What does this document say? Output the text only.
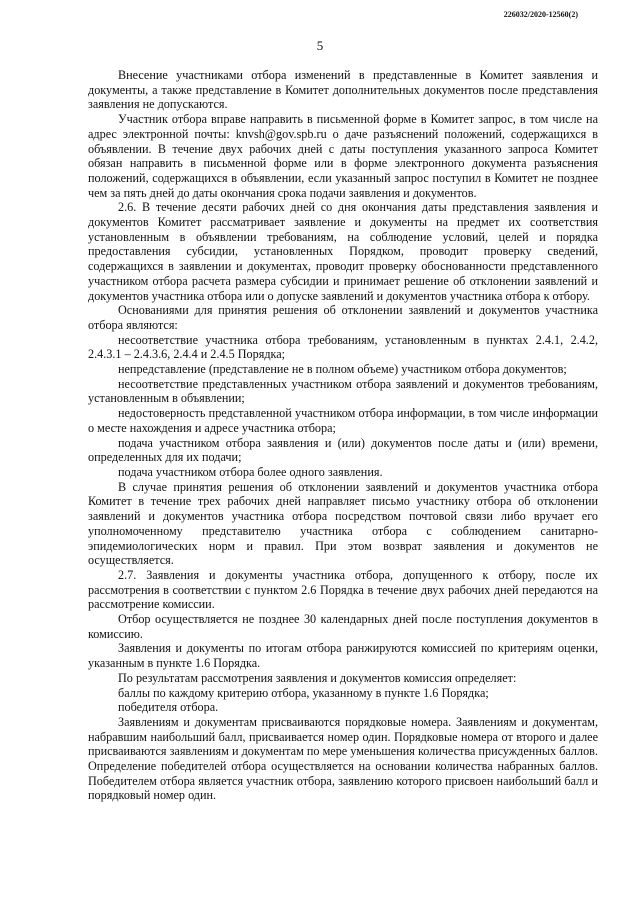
226032/2020-12560(2)
5

Внесение участниками отбора изменений в представленные в Комитет заявления и документы, а также представление в Комитет дополнительных документов после представления заявления не допускаются.

Участник отбора вправе направить в письменной форме в Комитет запрос, в том числе на адрес электронной почты: knvsh@gov.spb.ru о даче разъяснений положений, содержащихся в объявлении. В течение двух рабочих дней с даты поступления указанного запроса Комитет обязан направить в письменной форме или в форме электронного документа разъяснения положений, содержащихся в объявлении, если указанный запрос поступил в Комитет не позднее чем за пять дней до даты окончания срока подачи заявления и документов.

2.6. В течение десяти рабочих дней со дня окончания даты представления заявления и документов Комитет рассматривает заявление и документы на предмет их соответствия установленным в объявлении требованиям, на соблюдение условий, целей и порядка предоставления субсидии, установленных Порядком, проводит проверку сведений, содержащихся в заявлении и документах, проводит проверку обоснованности представленного участником отбора расчета размера субсидии и принимает решение об отклонении заявлений и документов участника отбора или о допуске заявлений и документов участника отбора к отбору.

Основаниями для принятия решения об отклонении заявлений и документов участника отбора являются:

несоответствие участника отбора требованиям, установленным в пунктах 2.4.1, 2.4.2, 2.4.3.1 – 2.4.3.6, 2.4.4 и 2.4.5 Порядка;

непредставление (представление не в полном объеме) участником отбора документов;

несоответствие представленных участником отбора заявлений и документов требованиям, установленным в объявлении;

недостоверность представленной участником отбора информации, в том числе информации о месте нахождения и адресе участника отбора;

подача участником отбора заявления и (или) документов после даты и (или) времени, определенных для их подачи;

подача участником отбора более одного заявления.

В случае принятия решения об отклонении заявлений и документов участника отбора Комитет в течение трех рабочих дней направляет письмо участнику отбора об отклонении заявлений и документов участника отбора посредством почтовой связи либо вручает его уполномоченному представителю участника отбора с соблюдением санитарно-эпидемиологических норм и правил. При этом возврат заявления и документов не осуществляется.

2.7. Заявления и документы участника отбора, допущенного к отбору, после их рассмотрения в соответствии с пунктом 2.6 Порядка в течение двух рабочих дней передаются на рассмотрение комиссии.

Отбор осуществляется не позднее 30 календарных дней после поступления документов в комиссию.

Заявления и документы по итогам отбора ранжируются комиссией по критериям оценки, указанным в пункте 1.6 Порядка.

По результатам рассмотрения заявления и документов комиссия определяет:

баллы по каждому критерию отбора, указанному в пункте 1.6 Порядка;

победителя отбора.

Заявлениям и документам присваиваются порядковые номера. Заявлениям и документам, набравшим наибольший балл, присваивается номер один. Порядковые номера от второго и далее присваиваются заявлениям и документам по мере уменьшения количества присужденных баллов. Определение победителей отбора осуществляется на основании количества набранных баллов. Победителем отбора является участник отбора, заявлению которого присвоен наибольший балл и порядковый номер один.
